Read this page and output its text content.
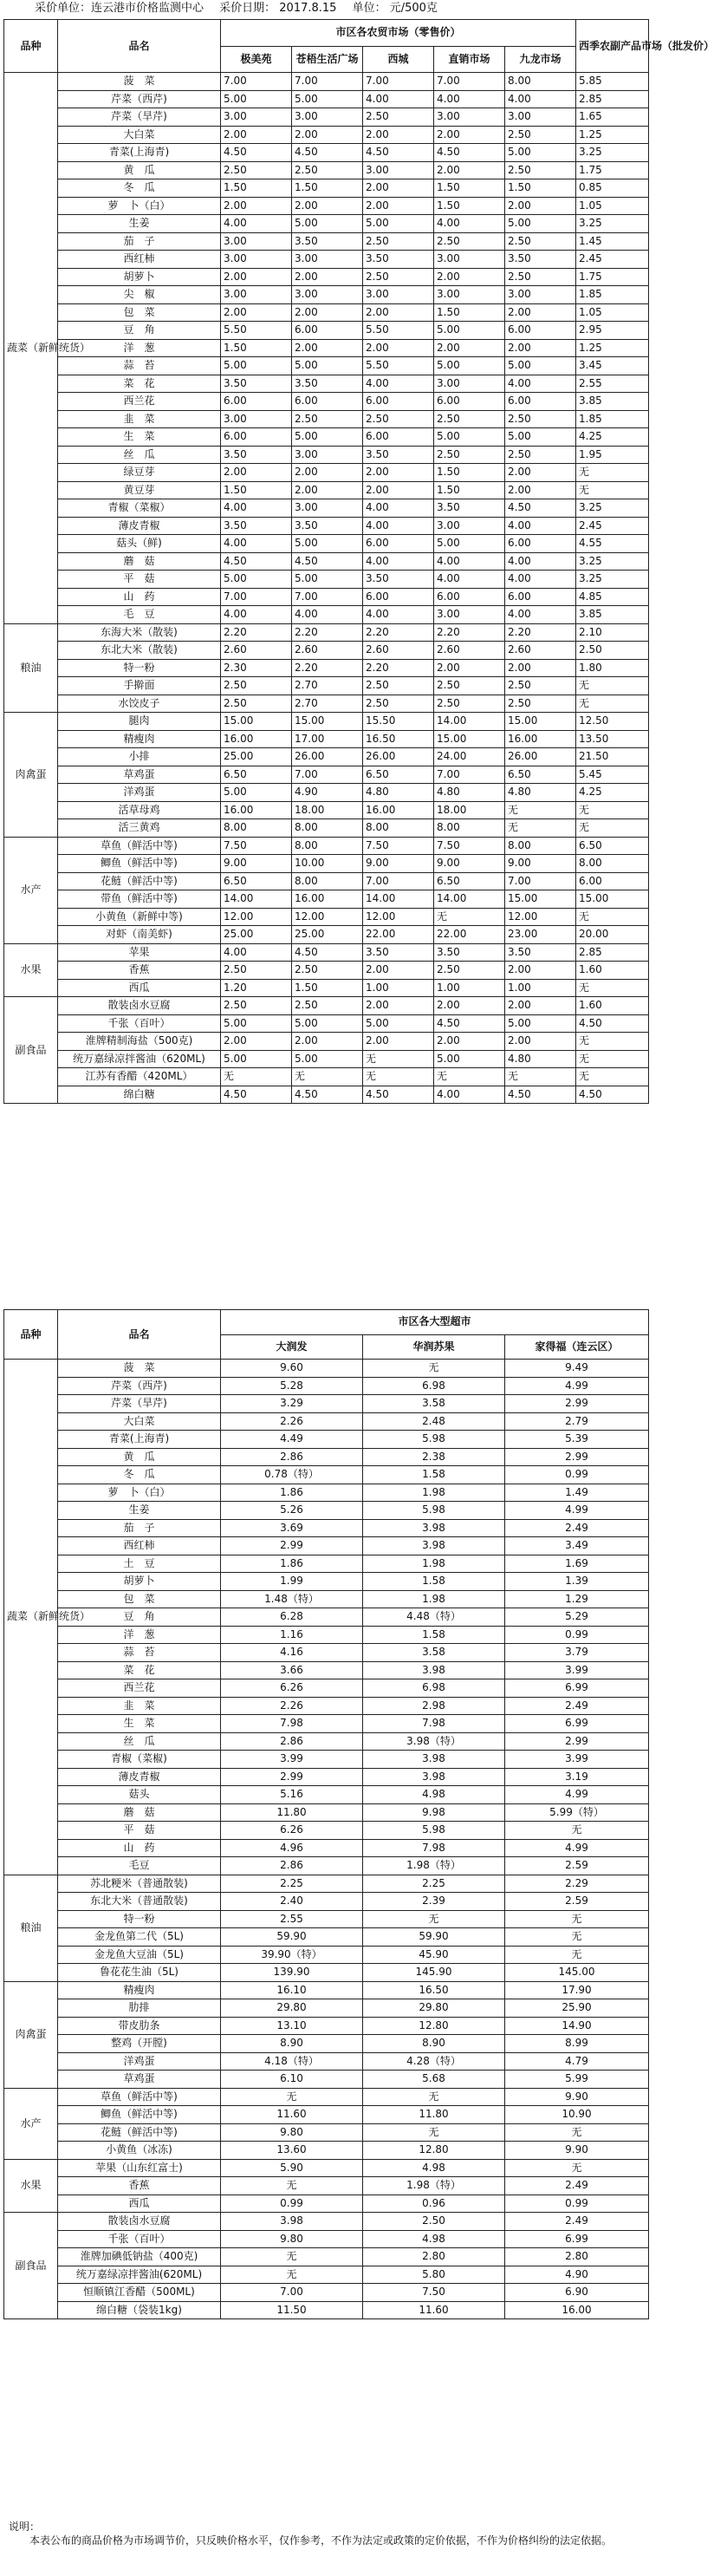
采价单位：连云港市价格监测中心 采价日期： 2017.8.15 单位： 元/500克
品种	品名	市区各农贸市场（零售价）					西季农副产品市场（批发价）
		极美苑	苍梧生活广场	西城	直销市场	九龙市场	
蔬菜（新鲜统货）	菠　菜	7.00	7.00	7.00	7.00	8.00	5.85
	芹菜（西芹)	5.00	5.00	4.00	4.00	4.00	2.85
	芹菜（旱芹)	3.00	3.00	2.50	3.00	3.00	1.65
	大白菜	2.00	2.00	2.00	2.00	2.50	1.25
	青菜(上海青)	4.50	4.50	4.50	4.50	5.00	3.25
	黄　瓜	2.50	2.50	3.00	2.00	2.50	1.75
	冬　瓜	1.50	1.50	2.00	1.50	1.50	0.85
	萝　卜（白）	2.00	2.00	2.00	1.50	2.00	1.05
	生姜	4.00	5.00	5.00	4.00	5.00	3.25
	茄　子	3.00	3.50	2.50	2.50	2.50	1.45
	西红柿	3.00	3.00	3.50	3.00	3.50	2.45
	胡萝卜	2.00	2.00	2.50	2.00	2.50	1.75
	尖　椒	3.00	3.00	3.00	3.00	3.00	1.85
	包　菜	2.00	2.00	2.00	1.50	2.00	1.05
	豆　角	5.50	6.00	5.50	5.00	6.00	2.95
	洋　葱	1.50	2.00	2.00	2.00	2.00	1.25
	蒜　苔	5.00	5.00	5.50	5.00	5.00	3.45
	菜　花	3.50	3.50	4.00	3.00	4.00	2.55
	西兰花	6.00	6.00	6.00	6.00	6.00	3.85
	韭　菜	3.00	2.50	2.50	2.50	2.50	1.85
	生　菜	6.00	5.00	6.00	5.00	5.00	4.25
	丝　瓜	3.50	3.00	3.50	2.50	2.50	1.95
	绿豆芽	2.00	2.00	2.00	1.50	2.00	无
	黄豆芽	1.50	2.00	2.00	1.50	2.00	无
	青椒（菜椒）	4.00	3.00	4.00	3.50	4.50	3.25
	薄皮青椒	3.50	3.50	4.00	3.00	4.00	2.45
	菇头（鲜)	4.00	5.00	6.00	5.00	6.00	4.55
	蘑　菇	4.50	4.50	4.00	4.00	4.00	3.25
	平　菇	5.00	5.00	3.50	4.00	4.00	3.25
	山　药	7.00	7.00	6.00	6.00	6.00	4.85
	毛　豆	4.00	4.00	4.00	3.00	4.00	3.85
粮油	东海大米（散装)	2.20	2.20	2.20	2.20	2.20	2.10
	东北大米（散装)	2.60	2.60	2.60	2.60	2.60	2.50
	特一粉	2.30	2.20	2.20	2.00	2.00	1.80
	手擀面	2.50	2.70	2.50	2.50	2.50	无
	水饺皮子	2.50	2.70	2.50	2.50	2.50	无
肉禽蛋	腿肉	15.00	15.00	15.50	14.00	15.00	12.50
	精瘦肉	16.00	17.00	16.50	15.00	16.00	13.50
	小排	25.00	26.00	26.00	24.00	26.00	21.50
	草鸡蛋	6.50	7.00	6.50	7.00	6.50	5.45
	洋鸡蛋	5.00	4.90	4.80	4.80	4.80	4.25
	活草母鸡	16.00	18.00	16.00	18.00	无	无
	活三黄鸡	8.00	8.00	8.00	8.00	无	无
水产	草鱼（鲜活中等)	7.50	8.00	7.50	7.50	8.00	6.50
	鲫鱼（鲜活中等)	9.00	10.00	9.00	9.00	9.00	8.00
	花鲢（鲜活中等)	6.50	8.00	7.00	6.50	7.00	6.00
	带鱼（鲜活中等)	14.00	16.00	14.00	14.00	15.00	15.00
	小黄鱼（新鲜中等)	12.00	12.00	12.00	无	12.00	无
	对虾（南美虾)	25.00	25.00	22.00	22.00	23.00	20.00
水果	苹果	4.00	4.50	3.50	3.50	3.50	2.85
	香蕉	2.50	2.50	2.00	2.50	2.00	1.60
	西瓜	1.20	1.50	1.00	1.00	1.00	无
副食品	散装卤水豆腐	2.50	2.50	2.00	2.00	2.00	1.60
	千张（百叶）	5.00	5.00	5.00	4.50	5.00	4.50
	淮牌精制海盐（500克)	2.00	2.00	2.00	2.00	2.00	无
	统万嘉绿凉拌酱油（620ML)	5.00	5.00	无	5.00	4.80	无
	江苏有香醋（420ML）	无	无	无	无	无	无
	绵白糖	4.50	4.50	4.50	4.00	4.50	4.50
品种	品名	市区各大型超市		
		大润发	华润苏果	家得福（连云区）
蔬菜（新鲜统货）	菠　菜	9.60	无	9.49
	芹菜（西芹)	5.28	6.98	4.99
	芹菜（旱芹)	3.29	3.58	2.99
	大白菜	2.26	2.48	2.79
	青菜(上海青)	4.49	5.98	5.39
	黄　瓜	2.86	2.38	2.99
	冬　瓜	0.78（特）	1.58	0.99
	萝　卜（白）	1.86	1.98	1.49
	生姜	5.26	5.98	4.99
	茄　子	3.69	3.98	2.49
	西红柿	2.99	3.98	3.49
	土　豆	1.86	1.98	1.69
	胡萝卜	1.99	1.58	1.39
	包　菜	1.48（特）	1.98	1.29
	豆　角	6.28	4.48（特）	5.29
	洋　葱	1.16	1.58	0.99
	蒜　苔	4.16	3.58	3.79
	菜　花	3.66	3.98	3.99
	西兰花	6.26	6.98	6.99
	韭　菜	2.26	2.98	2.49
	生　菜	7.98	7.98	6.99
	丝　瓜	2.86	3.98（特）	2.99
	青椒（菜椒)	3.99	3.98	3.99
	薄皮青椒	2.99	3.98	3.19
	菇头	5.16	4.98	4.99
	蘑　菇	11.80	9.98	5.99（特）
	平　菇	6.26	5.98	无
	山　药	4.96	7.98	4.99
	毛豆	2.86	1.98（特）	2.59
粮油	苏北粳米（普通散装)	2.25	2.25	2.29
	东北大米（普通散装)	2.40	2.39	2.59
	特一粉	2.55	无	无
	金龙鱼第二代（5L)	59.90	59.90	无
	金龙鱼大豆油（5L)	39.90（特）	45.90	无
	鲁花花生油（5L)	139.90	145.90	145.00
肉禽蛋	精瘦肉	16.10	16.50	17.90
	肋排	29.80	29.80	25.90
	带皮肋条	13.10	12.80	14.90
	整鸡（开膛)	8.90	8.90	8.99
	洋鸡蛋	4.18（特）	4.28（特）	4.79
	草鸡蛋	6.10	5.68	5.99
水产	草鱼（鲜活中等)	无	无	9.90
	鲫鱼（鲜活中等)	11.60	11.80	10.90
	花鲢（鲜活中等)	9.80	无	无
	小黄鱼（冰冻)	13.60	12.80	9.90
水果	苹果（山东红富士)	5.90	4.98	无
	香蕉	无	1.98（特）	2.49
	西瓜	0.99	0.96	0.99
副食品	散装卤水豆腐	3.98	2.50	2.49
	千张（百叶）	9.80	4.98	6.99
	淮牌加碘低钠盐（400克)	无	2.80	2.80
	统万嘉绿凉拌酱油(620ML)	无	5.80	4.90
	恒顺镇江香醋（500ML)	7.00	7.50	6.90
	绵白糖（袋装1kg)	11.50	11.60	16.00
说明：
本表公布的商品价格为市场调节价，只反映价格水平，仅作参考，不作为法定或政策的定价依据，不作为价格纠纷的法定依据。
